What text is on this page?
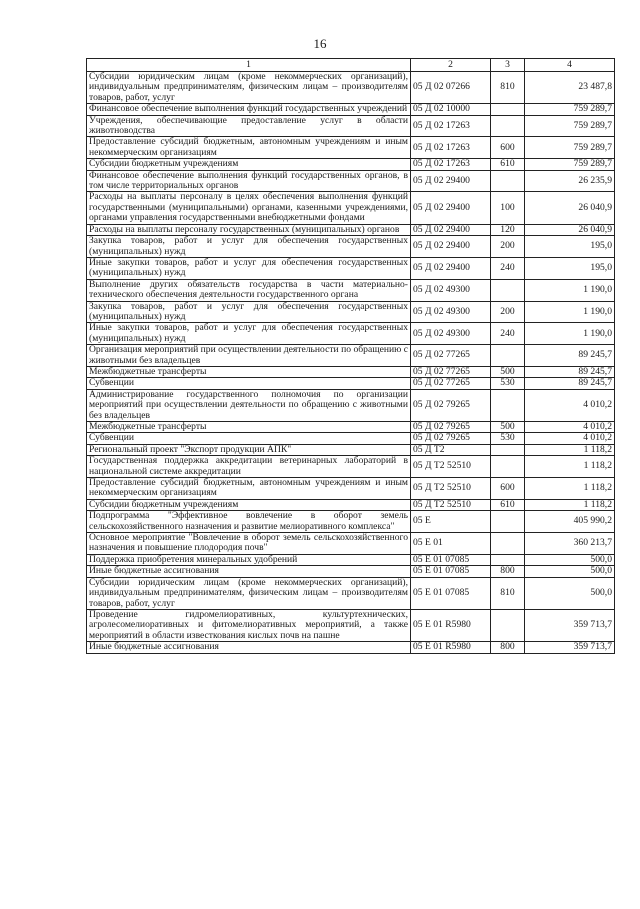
16
1	2	3	4
Субсидии юридическим лицам (кроме некоммерческих организаций), индивидуальным предпринимателям, физическим лицам – производителям товаров, работ, услуг	05 Д 02 07266	810	23 487,8
Финансовое обеспечение выполнения функций государственных учреждений	05 Д 02 10000		759 289,7
Учреждения, обеспечивающие предоставление услуг в области животноводства	05 Д 02 17263		759 289,7
Предоставление субсидий бюджетным, автономным учреждениям и иным некоммерческим организациям	05 Д 02 17263	600	759 289,7
Субсидии бюджетным учреждениям	05 Д 02 17263	610	759 289,7
Финансовое обеспечение выполнения функций государственных органов, в том числе территориальных органов	05 Д 02 29400		26 235,9
Расходы на выплаты персоналу в целях обеспечения выполнения функций государственными (муниципальными) органами, казенными учреждениями, органами управления государственными внебюджетными фондами	05 Д 02 29400	100	26 040,9
Расходы на выплаты персоналу государственных (муниципальных) органов	05 Д 02 29400	120	26 040,9
Закупка товаров, работ и услуг для обеспечения государственных (муниципальных) нужд	05 Д 02 29400	200	195,0
Иные закупки товаров, работ и услуг для обеспечения государственных (муниципальных) нужд	05 Д 02 29400	240	195,0
Выполнение других обязательств государства в части материально-технического обеспечения деятельности государственного органа	05 Д 02 49300		1 190,0
Закупка товаров, работ и услуг для обеспечения государственных (муниципальных) нужд	05 Д 02 49300	200	1 190,0
Иные закупки товаров, работ и услуг для обеспечения государственных (муниципальных) нужд	05 Д 02 49300	240	1 190,0
Организация мероприятий при осуществлении деятельности по обращению с животными без владельцев	05 Д 02 77265		89 245,7
Межбюджетные трансферты	05 Д 02 77265	500	89 245,7
Субвенции	05 Д 02 77265	530	89 245,7
Администрирование государственного полномочия по организации мероприятий при осуществлении деятельности по обращению с животными без владельцев	05 Д 02 79265		4 010,2
Межбюджетные трансферты	05 Д 02 79265	500	4 010,2
Субвенции	05 Д 02 79265	530	4 010,2
Региональный проект "Экспорт продукции АПК"	05 Д Т2		1 118,2
Государственная поддержка аккредитации ветеринарных лабораторий в национальной системе аккредитации	05 Д Т2 52510		1 118,2
Предоставление субсидий бюджетным, автономным учреждениям и иным некоммерческим организациям	05 Д Т2 52510	600	1 118,2
Субсидии бюджетным учреждениям	05 Д Т2 52510	610	1 118,2
Подпрограмма "Эффективное вовлечение в оборот земель сельскохозяйственного назначения и развитие мелиоративного комплекса"	05 Е		405 990,2
Основное мероприятие "Вовлечение в оборот земель сельскохозяйственного назначения и повышение плодородия почв"	05 Е 01		360 213,7
Поддержка приобретения минеральных удобрений	05 Е 01 07085		500,0
Иные бюджетные ассигнования	05 Е 01 07085	800	500,0
Субсидии юридическим лицам (кроме некоммерческих организаций), индивидуальным предпринимателям, физическим лицам – производителям товаров, работ, услуг	05 Е 01 07085	810	500,0
Проведение гидромелиоративных, культуртехнических, агролесомелиоративных и фитомелиоративных мероприятий, а также мероприятий в области известкования кислых почв на пашне	05 Е 01 R5980		359 713,7
Иные бюджетные ассигнования	05 Е 01 R5980	800	359 713,7
